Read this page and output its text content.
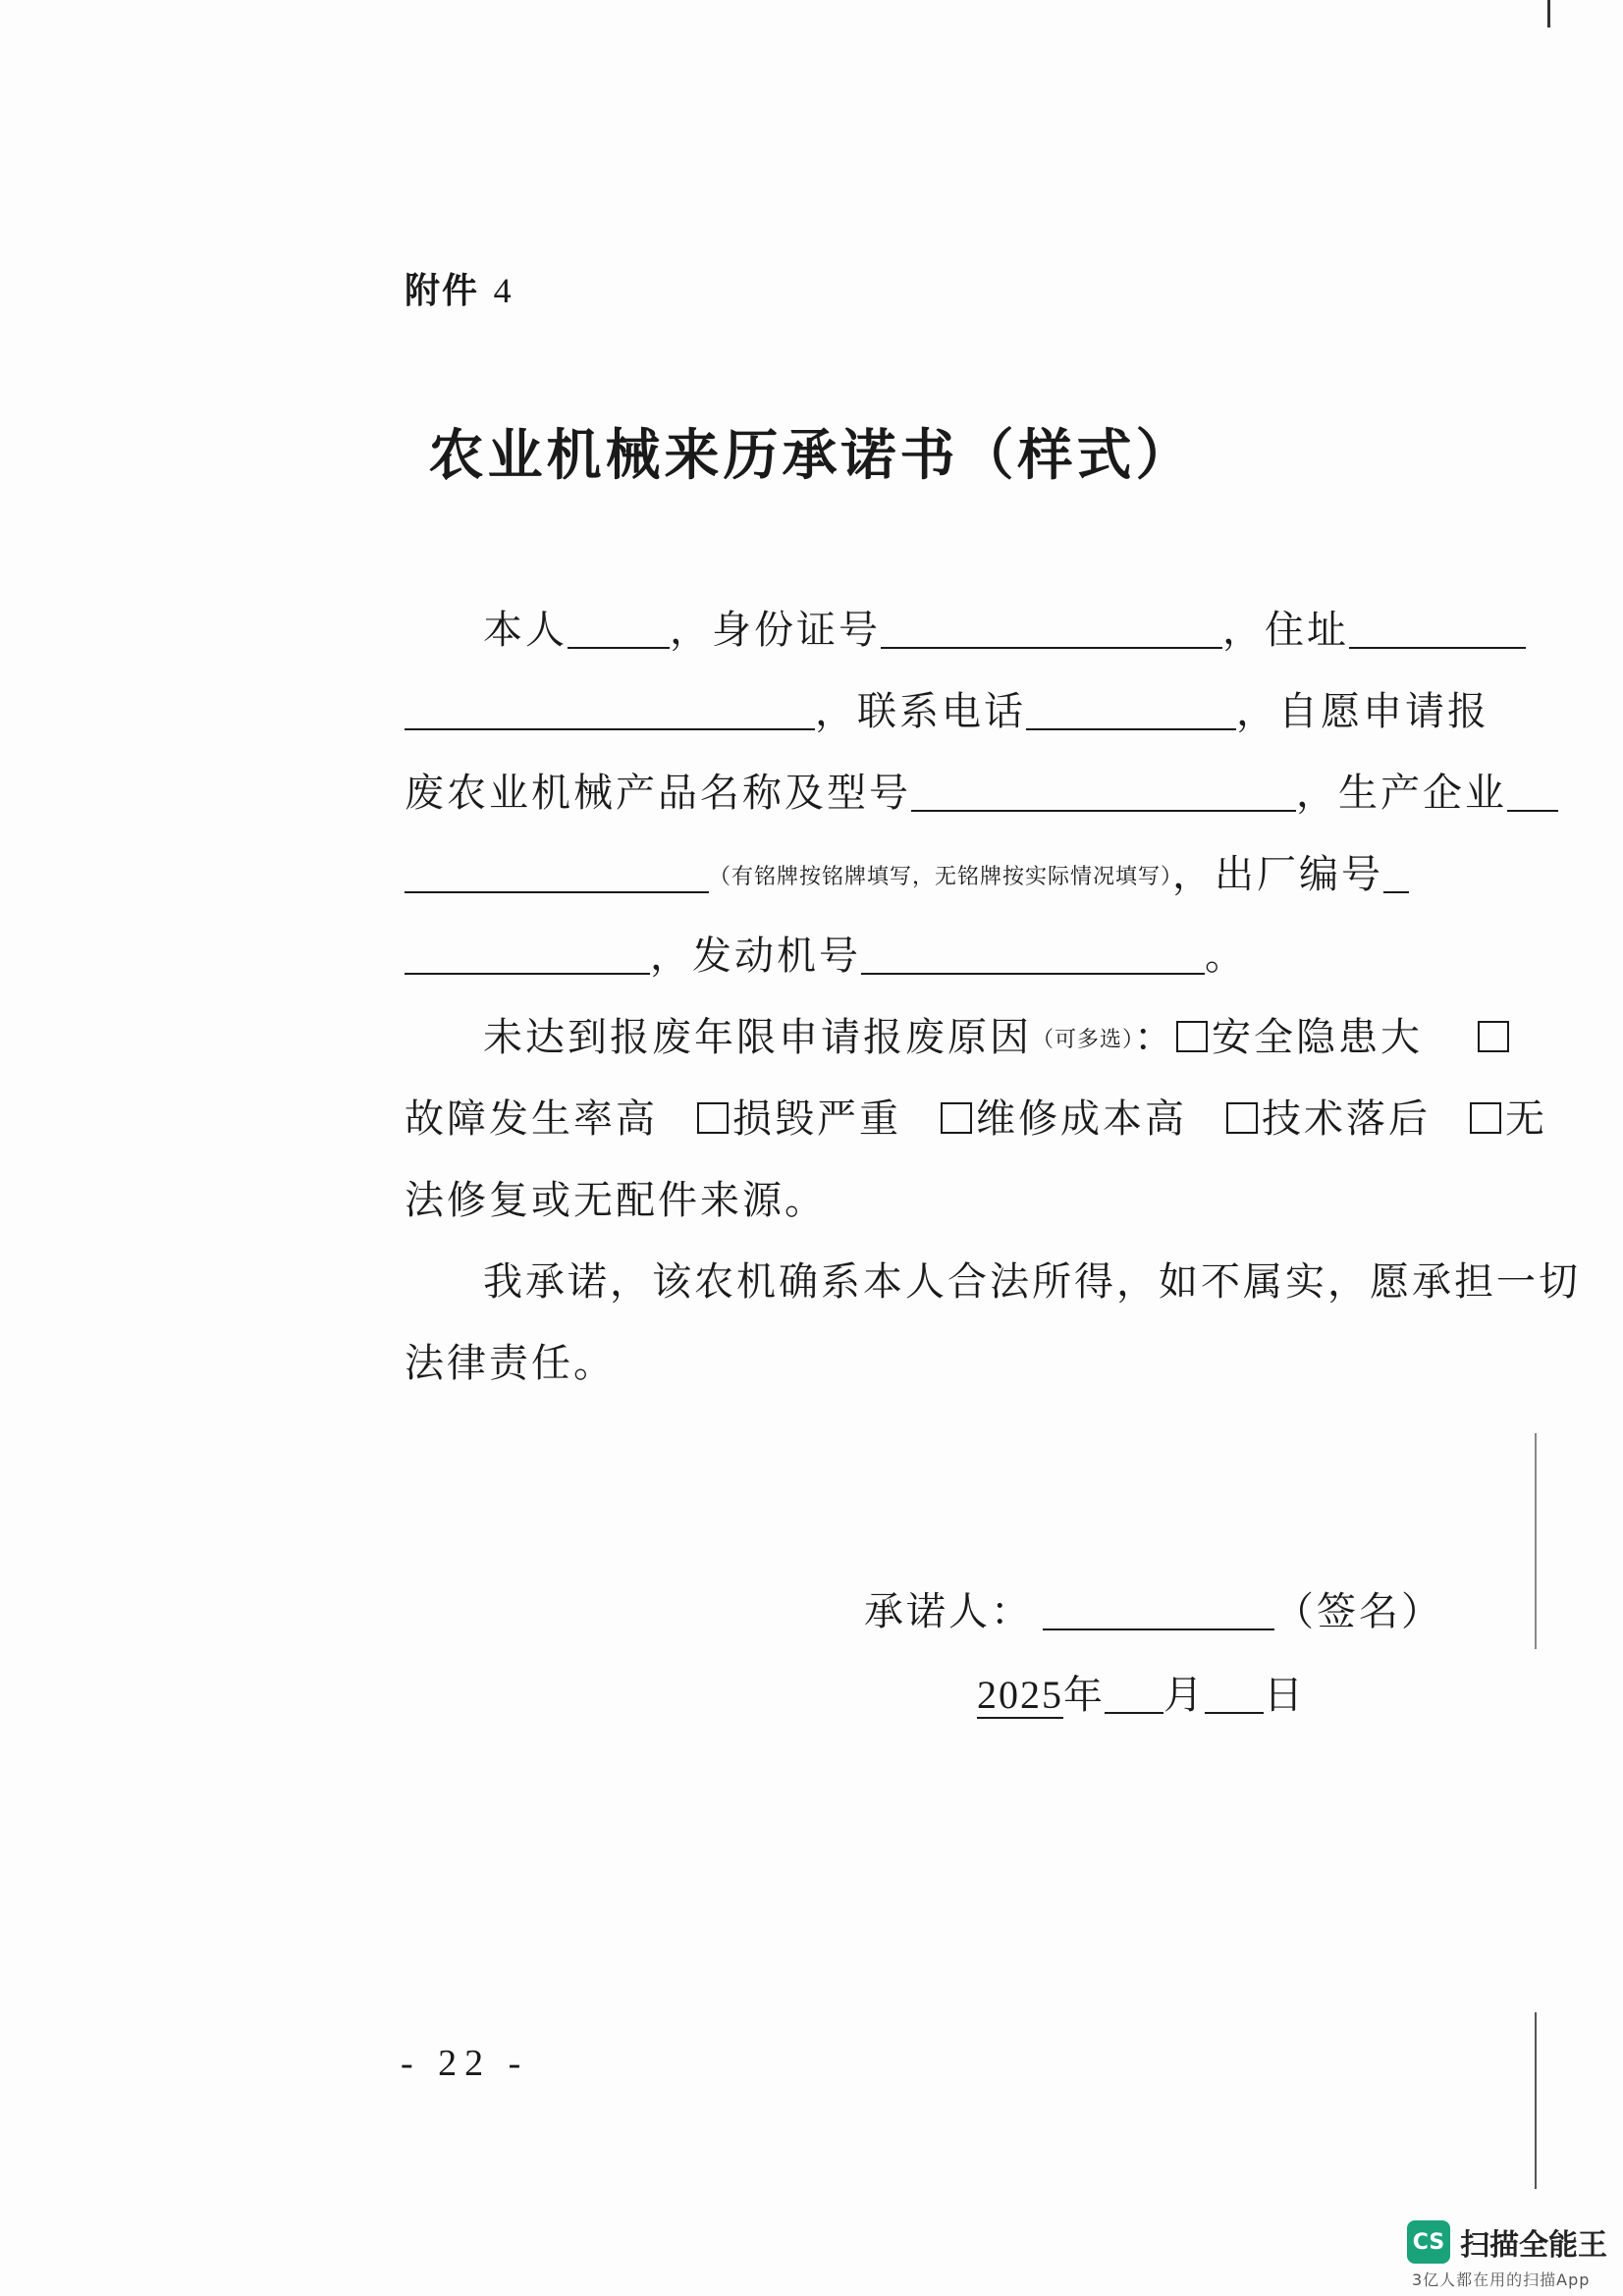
附件 4
农业机械来历承诺书（样式）
本人	，身份证号	，住址
，联系电话	，自愿申请报
废农业机械产品名称及型号	，生产企业
（有铭牌按铭牌填写，无铭牌按实际情况填写），出厂编号
，发动机号	。
未达到报废年限申请报废原因（可多选）： 安全隐患大
故障发生率高 损毁严重 维修成本高 技术落后 无
法修复或无配件来源。
我承诺，该农机确系本人合法所得，如不属实，愿承担一切
法律责任。
承诺人：	（签名）
2025年 月 日
- 22 -
CS 扫描全能王
3亿人都在用的扫描App
